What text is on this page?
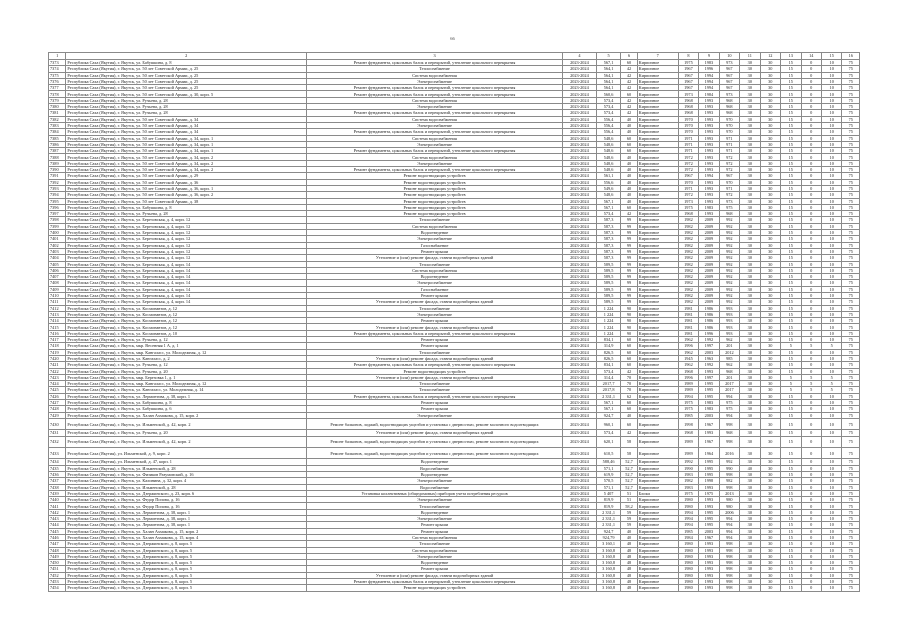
66
1	2	3	4	5	6	7	8	9	10	11	12	13	14	15	16
7373	Республика Саха (Якутия), г. Якутск, ул. Бабушкина, д. 8	Ремонт фундамента, цокольных балок и перекрытий, утепление цокольного перекрытия	2023-2024	567,1	60	Кирпичное	1975	1983	973	30	30	15	0	10	75
7374	Республика Саха (Якутия), г. Якутск, ул. 50 лет Советской Армии, д. 25	Теплоснабжение	2023-2024	564,1	42	Кирпичное	1967	1996	967	30	30	15	0	10	75
7375	Республика Саха (Якутия), г. Якутск, ул. 50 лет Советской Армии, д. 25	Система водоснабжения	2023-2024	564,1	42	Кирпичное	1967	1994	967	30	30	15	0	10	75
7376	Республика Саха (Якутия), г. Якутск, ул. 50 лет Советской Армии, д. 25	Электроснабжение	2023-2024	564,1	42	Кирпичное	1967	1994	967	30	30	15	0	10	75
7377	Республика Саха (Якутия), г. Якутск, ул. 50 лет Советской Армии, д. 25	Ремонт фундамента, цокольных балок и перекрытий, утепление цокольного перекрытия	2023-2024	564,1	42	Кирпичное	1967	1994	967	30	30	15	0	10	75
7378	Республика Саха (Якутия), г. Якутск, ул. 50 лет Советской Армии, д. 30, корп. 5	Ремонт фундамента, цокольных балок и перекрытий, утепление цокольного перекрытия	2023-2024	560,6	60	Кирпичное	1973	1984	973	30	30	15	0	10	75
7379	Республика Саха (Якутия), г. Якутск, ул. Ручьева, д. 28	Система водоснабжения	2023-2024	573,4	42	Кирпичное	1968	1993	968	30	30	15	0	10	75
7380	Республика Саха (Якутия), г. Якутск, ул. Ручьева, д. 28	Электроснабжение	2023-2024	573,4	42	Кирпичное	1968	1993	968	30	30	15	0	10	75
7381	Республика Саха (Якутия), г. Якутск, ул. Ручьева, д. 28	Ремонт фундамента, цокольных балок и перекрытий, утепление цокольного перекрытия	2023-2024	573,4	42	Кирпичное	1968	1993	968	30	30	15	0	10	75
7382	Республика Саха (Якутия), г. Якутск, ул. 50 лет Советской Армии, д. 34	Система водоснабжения	2023-2024	556,4	40	Кирпичное	1970	1993	970	30	30	15	0	10	75
7383	Республика Саха (Якутия), г. Якутск, ул. 50 лет Советской Армии, д. 34	Электроснабжение	2023-2024	556,4	40	Кирпичное	1970	1993	970	30	30	15	0	10	75
7384	Республика Саха (Якутия), г. Якутск, ул. 50 лет Советской Армии, д. 34	Ремонт фундамента, цокольных балок и перекрытий, утепление цокольного перекрытия	2023-2024	556,4	40	Кирпичное	1970	1993	970	30	30	15	0	10	75
7385	Республика Саха (Якутия), г. Якутск, ул. 50 лет Советской Армии, д. 34, корп. 1	Система водоснабжения	2023-2024	548,6	60	Кирпичное	1971	1993	971	30	30	15	0	10	75
7386	Республика Саха (Якутия), г. Якутск, ул. 50 лет Советской Армии, д. 34, корп. 1	Электроснабжение	2023-2024	548,6	60	Кирпичное	1971	1993	971	30	30	15	0	10	75
7387	Республика Саха (Якутия), г. Якутск, ул. 50 лет Советской Армии, д. 34, корп. 1	Ремонт фундамента, цокольных балок и перекрытий, утепление цокольного перекрытия	2023-2024	548,6	60	Кирпичное	1971	1993	971	30	30	15	0	10	75
7388	Республика Саха (Якутия), г. Якутск, ул. 50 лет Советской Армии, д. 34, корп. 2	Система водоснабжения	2023-2024	548,6	40	Кирпичное	1972	1993	972	30	30	15	0	10	75
7389	Республика Саха (Якутия), г. Якутск, ул. 50 лет Советской Армии, д. 34, корп. 2	Электроснабжение	2023-2024	548,6	40	Кирпичное	1972	1993	972	30	30	15	0	10	75
7390	Республика Саха (Якутия), г. Якутск, ул. 50 лет Советской Армии, д. 34, корп. 2	Ремонт фундамента, цокольных балок и перекрытий, утепление цокольного перекрытия	2023-2024	548,6	40	Кирпичное	1972	1993	972	30	30	15	0	10	75
7391	Республика Саха (Якутия), г. Якутск, ул. 50 лет Советской Армии, д. 29	Ремонт водоотводящих устройств	2023-2024	561,1	40	Кирпичное	1967	1994	967	30	30	15	0	10	75
7392	Республика Саха (Якутия), г. Якутск, ул. 50 лет Советской Армии, д. 36	Ремонт водоотводящих устройств	2023-2024	556,6	40	Кирпичное	1970	1993	970	30	30	15	0	10	75
7393	Республика Саха (Якутия), г. Якутск, ул. 50 лет Советской Армии, д. 36, корп. 1	Ремонт водоотводящих устройств	2023-2024	549,6	40	Кирпичное	1971	1993	971	30	30	15	0	10	75
7394	Республика Саха (Якутия), г. Якутск, ул. 50 лет Советской Армии, д. 36, корп. 2	Ремонт водоотводящих устройств	2023-2024	548,6	40	Кирпичное	1972	1993	972	30	30	15	0	10	75
7395	Республика Саха (Якутия), г. Якутск, ул. 50 лет Советской Армии, д. 38	Ремонт водоотводящих устройств	2023-2024	567,1	40	Кирпичное	1973	1993	973	30	30	15	0	10	75
7396	Республика Саха (Якутия), г. Якутск, ул. Бабушкина, д. 8	Ремонт водоотводящих устройств	2023-2024	567,1	60	Кирпичное	1975	1983	975	30	30	15	0	10	75
7397	Республика Саха (Якутия), г. Якутск, ул. Ручьева, д. 28	Ремонт водоотводящих устройств	2023-2024	573,4	42	Кирпичное	1968	1993	968	30	30	15	0	10	75
7398	Республика Саха (Якутия), г. Якутск, ул. Березовская, д. 4, корп. 12	Теплоснабжение	2023-2024	587,3	99	Кирпичное	1982	2009	992	30	30	15	0	10	75
7399	Республика Саха (Якутия), г. Якутск, ул. Березовская, д. 4, корп. 12	Система водоснабжения	2023-2024	587,3	99	Кирпичное	1982	2009	992	30	30	15	0	10	75
7400	Республика Саха (Якутия), г. Якутск, ул. Березовская, д. 4, корп. 12	Водоотведение	2023-2024	587,3	99	Кирпичное	1982	2009	992	30	30	15	0	10	75
7401	Республика Саха (Якутия), г. Якутск, ул. Березовская, д. 4, корп. 12	Электроснабжение	2023-2024	587,3	99	Кирпичное	1982	2009	992	30	30	15	0	10	75
7402	Республика Саха (Якутия), г. Якутск, ул. Березовская, д. 4, корп. 12	Газоснабжение	2023-2024	587,3	99	Кирпичное	1982	2009	992	30	30	15	0	10	75
7403	Республика Саха (Якутия), г. Якутск, ул. Березовская, д. 4, корп. 12	Ремонт крыши	2023-2024	587,3	99	Кирпичное	1982	2009	992	30	30	15	0	10	75
7404	Республика Саха (Якутия), г. Якутск, ул. Березовская, д. 4, корп. 12	Утепление и (или) ремонт фасада, ставни водонаборных зданий	2023-2024	587,3	99	Кирпичное	1982	2009	992	30	30	15	0	10	75
7405	Республика Саха (Якутия), г. Якутск, ул. Березовская, д. 4, корп. 14	Теплоснабжение	2023-2024	589,5	99	Кирпичное	1982	2009	992	30	30	15	0	10	75
7406	Республика Саха (Якутия), г. Якутск, ул. Березовская, д. 4, корп. 14	Система водоснабжения	2023-2024	589,5	99	Кирпичное	1982	2009	992	30	30	15	0	10	75
7407	Республика Саха (Якутия), г. Якутск, ул. Березовская, д. 4, корп. 14	Водоотведение	2023-2024	589,5	99	Кирпичное	1982	2009	992	30	30	15	0	10	75
7408	Республика Саха (Якутия), г. Якутск, ул. Березовская, д. 4, корп. 14	Электроснабжение	2023-2024	589,5	99	Кирпичное	1982	2009	992	30	30	15	0	10	75
7409	Республика Саха (Якутия), г. Якутск, ул. Березовская, д. 4, корп. 14	Газоснабжение	2023-2024	589,5	99	Кирпичное	1982	2009	992	30	30	15	0	10	75
7410	Республика Саха (Якутия), г. Якутск, ул. Березовская, д. 4, корп. 14	Ремонт крыши	2023-2024	589,5	99	Кирпичное	1982	2009	992	30	30	15	0	10	75
7411	Республика Саха (Якутия), г. Якутск, ул. Березовская, д. 4, корп. 14	Утепление и (или) ремонт фасада, ставни водонаборных зданий	2023-2024	589,5	99	Кирпичное	1982	2009	992	30	30	15	0	10	75
7412	Республика Саха (Якутия), г. Якутск, ул. Космонавтов, д. 12	Теплоснабжение	2023-2024	1 224	90	Кирпичное	1981	1986	993	30	30	15	0	10	75
7413	Республика Саха (Якутия), г. Якутск, ул. Космонавтов, д. 12	Электроснабжение	2023-2024	1 224	90	Кирпичное	1981	1986	993	30	30	15	0	10	75
7414	Республика Саха (Якутия), г. Якутск, ул. Космонавтов, д. 12	Ремонт крыши	2023-2024	1 224	90	Кирпичное	1981	1986	993	30	30	15	0	10	75
7415	Республика Саха (Якутия), г. Якутск, ул. Космонавтов, д. 12	Утепление и (или) ремонт фасада, ставни водонаборных зданий	2023-2024	1 224	90	Кирпичное	1981	1986	993	30	30	15	0	10	75
7416	Республика Саха (Якутия), г. Якутск, ул. Космонавтов, д. 10	Ремонт фундамента, цокольных балок и перекрытий, утепление цокольного перекрытия	2023-2024	1 224	90	Кирпичное	1981	1996	993	30	30	15	0	10	75
7417	Республика Саха (Якутия), г. Якутск, ул. Ручьева, д. 12	Ремонт крыши	2023-2024	834,1	60	Кирпичное	1962	1992	962	30	30	15	0	10	75
7418	Республика Саха (Якутия), г. Якутск, мкр. Весенняя 1 А, д. 1	Ремонт крыши	2023-2024	314,9	60	Кирпичное	1996	1997	201	30	30	5	5	5	75
7419	Республика Саха (Якутия), г. Якутск, мкр. Кангаласс, ул. Молодежная, д. 12	Теплоснабжение	2023-2024	826,5	60	Кирпичное	1962	2003	2012	30	30	15	0	10	75
7420	Республика Саха (Якутия), г. Якутск, ул. Кангаласс, д. 2	Утепление и (или) ремонт фасада, ставни водонаборных зданий	2023-2024	826,5	60	Кирпичное	1945	1963	985	30	30	15	0	10	75
7421	Республика Саха (Якутия), г. Якутск, ул. Ручьева, д. 12	Ремонт фундамента, цокольных балок и перекрытий, утепление цокольного перекрытия	2023-2024	834,1	60	Кирпичное	1962	1992	962	30	30	15	0	10	75
7422	Республика Саха (Якутия), г. Якутск, ул. Ручьева, д. 20	Ремонт водоотводящих устройств	2023-2024	573,4	42	Кирпичное	1968	1993	968	30	30	15	0	10	75
7423	Республика Саха (Якутия), г. Якутск, мкр. Березовка 1, д. 1	Утепление и (или) ремонт фасада, ставни водонаборных зданий	2023-2024	314,4	70	Кирпичное	1996	1997	201	30	30	5	5	5	75
7424	Республика Саха (Якутия), г. Якутск, мкр. Кангаласс, ул. Молодежная, д. 12	Теплоснабжение	2023-2024	2017,7	70	Кирпичное	1989	1995	2017	30	30	5	5	5	75
7425	Республика Саха (Якутия), г. Якутск, ул. Кангаласс, ул. Молодежная, д. 14	Теплоснабжение	2023-2024	2017,8	70	Кирпичное	1989	1995	2017	30	30	5	5	5	75
7426	Республика Саха (Якутия), г. Якутск, ул. Лермонтова, д. 38, корп. 1	Ремонт фундамента, цокольных балок и перекрытий, утепление цокольного перекрытия	2023-2024	2 331,1	62	Кирпичное	1994	1995	994	30	30	15	0	10	75
7427	Республика Саха (Якутия), г. Якутск, ул. Бабушкина, д. 8	Ремонт крыши	2023-2024	567,1	60	Кирпичное	1975	1983	975	30	30	15	0	10	75
7428	Республика Саха (Якутия), г. Якутск, ул. Бабушкина, д. 6	Ремонт крыши	2023-2024	567,1	60	Кирпичное	1975	1983	975	30	30	15	0	10	75
7429	Республика Саха (Якутия), г. Якутск, ул. Халан Ахмакова, д. 15, корп. 2	Электроснабжение	2023-2024	924,7	40	Кирпичное	1985	2003	994	30	30	15	0	10	75
7430	Республика Саха (Якутия), г. Якутск, ул. Ильменской, д. 42, корп. 2	Ремонт балконов, лоджий, водоотводящих ущелбов и установка с дверностью, ремонт молочного водоотводящих	2023-2024	960,1	60	Кирпичное	1998	1967	998	30	30	15	0	10	75
7431	Республика Саха (Якутия), г. Якутск, ул. Ручьева, д. 20	Утепление и (или) ремонт фасада, ставни водонаборных зданий	2023-2024	573,4	42	Кирпичное	1968	1993	968	30	30	15	0	10	75
7432	Республика Саха (Якутия), г. Якутск, ул. Ильменской, д. 42, корп. 2	Ремонт балконов, лоджий, водоотводящих ущелбов и установка с дверностью, ремонт молочного водоотводящих	2023-2024	620,1	58	Кирпичное	1989	1967	998	30	30	15	0	10	75
7433	Республика Саха (Якутия), ул. Ильменской, д. 9, корп. 2	Ремонт балконов, лоджий, водоотводящих ущелбов и установка с дверностью, ремонт молочного водоотводящих	2023-2024	610,5	58	Кирпичное	1989	1964	2016	30	30	15	0	10	75
7434	Республика Саха (Якутия), ул. Ильменской, д. 47, корп. 1	Водоотведение	2023-2024	588,46	52,7	Кирпичное	1992	1995	992	30	30	15	0	10	75
7435	Республика Саха (Якутия), г. Якутск, ул. Ильменской, д. 28	Водоснабжение	2023-2024	571,1	52,7	Кирпичное	1990	1995	990	40	30	15	0	10	75
7436	Республика Саха (Якутия), г. Якутск, ул. Физиков Разумовский, д. 16	Водоотведение	2023-2024	619,9	52,7	Кирпичное	1983	1995	998	30	30	15	0	10	75
7437	Республика Саха (Якутия), г. Якутск, ул. Калинина, д. 32, корп. 4	Электроснабжение	2023-2024	570,5	52,7	Кирпичное	1982	1998	982	30	30	15	0	10	75
7438	Республика Саха (Якутия), г. Якутск, ул. Ильменской, д. 28	Водоснабжение	2023-2024	571,1	52,7	Кирпичное	1983	1993	998	30	30	15	0	10	75
7439	Республика Саха (Якутия), г. Якутск, ул. Дзержинского, д. 23, корп. 6	Установка коллективных (общедомовых) приборов учета потребления ресурсов	2023-2024	5 407	51	Блоки	1975	1975	2013	30	30	15	0	10	75
7440	Республика Саха (Якутия), г. Якутск, ул. Федор Попова, д. 16	Электроснабжение	2023-2024	819,9	51	Кирпичное	1980	1993	980	30	30	15	0	10	75
7441	Республика Саха (Якутия), г. Якутск, ул. Федор Попова, д. 16	Теплоснабжение	2023-2024	819,9	58,2	Кирпичное	1980	1993	980	30	30	15	0	10	75
7442	Республика Саха (Якутия), г. Якутск, ул. Лермонтова, д. 38, корп. 1	Водоотведение	2023-2024	2 331,1	59	Кирпичное	1994	1995	2006	30	30	15	0	10	75
7443	Республика Саха (Якутия), г. Якутск, ул. Лермонтова, д. 38, корп. 1	Электроснабжение	2023-2024	2 331,1	59	Кирпичное	1994	1995	994	30	30	15	0	10	75
7444	Республика Саха (Якутия), г. Якутск, ул. Лермонтова, д. 38, корп. 1	Ремонт крыши	2023-2024	2 331,1	59	Кирпичное	1994	1995	994	30	30	15	0	10	75
7445	Республика Саха (Якутия), г. Якутск, ул. Халан Ахмакова, д. 15, корп. 2	Ремонт крыши	2023-2024	924,7	40	Кирпичное	1985	2003	994	30	30	15	0	10	75
7446	Республика Саха (Якутия), г. Якутск, ул. Халан Ахмакова, д. 15, корп. 4	Система водоснабжения	2023-2024	924,79	40	Кирпичное	1984	1967	994	30	30	15	0	10	75
7447	Республика Саха (Якутия), г. Якутск, ул. Дзержинского, д. 8, корп. 5	Теплоснабжение	2023-2024	3 160,1	48	Кирпичное	1980	1993	998	30	30	15	0	10	75
7448	Республика Саха (Якутия), г. Якутск, ул. Дзержинского, д. 8, корп. 5	Система водоснабжения	2023-2024	3 160,8	48	Кирпичное	1980	1993	998	30	30	15	0	10	75
7449	Республика Саха (Якутия), г. Якутск, ул. Дзержинского, д. 8, корп. 5	Электроснабжение	2023-2024	3 160,8	48	Кирпичное	1980	1993	998	30	30	15	0	10	75
7450	Республика Саха (Якутия), г. Якутск, ул. Дзержинского, д. 8, корп. 5	Водоотведение	2023-2024	3 160,8	48	Кирпичное	1980	1993	998	30	30	15	0	10	75
7451	Республика Саха (Якутия), г. Якутск, ул. Дзержинского, д. 8, корп. 5	Ремонт крыши	2023-2024	3 160,8	48	Кирпичное	1980	1993	998	30	30	15	0	10	75
7452	Республика Саха (Якутия), г. Якутск, ул. Дзержинского, д. 8, корп. 5	Утепление и (или) ремонт фасада, ставни водонаборных зданий	2023-2024	3 160,8	48	Кирпичное	1980	1993	998	30	30	15	0	10	75
7453	Республика Саха (Якутия), г. Якутск, ул. Дзержинского, д. 8, корп. 5	Ремонт фундамента, цокольных балок и перекрытий, утепление цокольного перекрытия	2023-2024	3 160,8	48	Кирпичное	1980	1993	998	30	30	15	0	10	75
7454	Республика Саха (Якутия), г. Якутск, ул. Дзержинского, д. 8, корп. 5	Ремонт водоотводящих устройств	2023-2024	3 160,8	48	Кирпичное	1980	1993	998	30	30	15	0	10	75
